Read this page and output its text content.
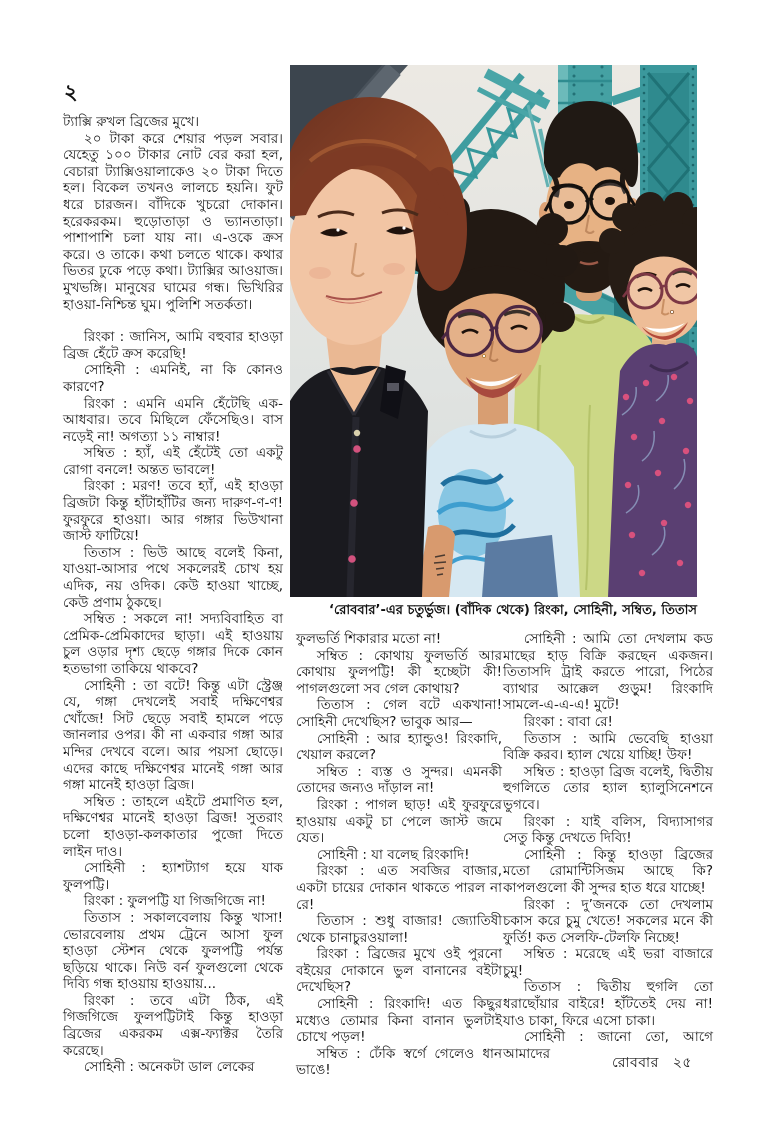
২
‘রোববার’-এর চতুর্ভুজ। (বাঁদিক থেকে) রিংকা, সোহিনী, সম্বিত, তিতাস

ট্যাক্সি রুখল ব্রিজের মুখে।

২০ টাকা করে শেয়ার পড়ল সবার। যেহেতু ১০০ টাকার নোট বের করা হল, বেচারা ট্যাক্সিওয়ালাকেও ২০ টাকা দিতে হল। বিকেল তখনও লালচে হয়নি। ফুট ধরে চারজন। বাঁদিকে খুচরো দোকান। হরেকরকম। হুড়োতাড়া ও ভ্যানতাড়া। পাশাপাশি চলা যায় না। এ-ওকে ক্রস করে। ও তাকে। কথা চলতে থাকে। কথার ভিতর ঢুকে পড়ে কথা। ট্যাক্সির আওয়াজ। মুখভঙ্গি। মানুষের ঘামের গন্ধ। ভিখিরির হাওয়া-নিশ্চিন্ত ঘুম। পুলিশি সতর্কতা।

রিংকা : জানিস, আমি বহুবার হাওড়া ব্রিজ হেঁটে ক্রস করেছি!

সোহিনী : এমনিই, না কি কোনও কারণে?

রিংকা : এমনি এমনি হেঁটেছি এক-আধবার। তবে মিছিলে ফেঁসেছিও। বাস নড়েই না! অগত্যা ১১ নাম্বার!

সম্বিত : হ্যাঁ, এই হেঁটেই তো একটু রোগা বনলে! অন্তত ভাবলে!

রিংকা : মরণ! তবে হ্যাঁ, এই হাওড়া ব্রিজটা কিন্তু হাঁটাহাঁটির জন্য দারুণ-ণ-ণ! ফুরফুরে হাওয়া। আর গঙ্গার ভিউখানা জাস্ট ফাটিয়ে!

তিতাস : ভিউ আছে বলেই কিনা, যাওয়া-আসার পথে সকলেরই চোখ হয় এদিক, নয় ওদিক। কেউ হাওয়া খাচ্ছে, কেউ প্রণাম ঠুকছে।

সম্বিত : সকলে না! সদ্যবিবাহিত বা প্রেমিক-প্রেমিকাদের ছাড়া। এই হাওয়ায় চুল ওড়ার দৃশ্য ছেড়ে গঙ্গার দিকে কোন হতভাগা তাকিয়ে থাকবে?

সোহিনী : তা বটে! কিন্তু এটা স্ট্রেঞ্জ যে, গঙ্গা দেখলেই সবাই দক্ষিণেশ্বর খোঁজে! সিট ছেড়ে সবাই হামলে পড়ে জানলার ওপর। কী না একবার গঙ্গা আর মন্দির দেখবে বলে। আর পয়সা ছোড়ে। এদের কাছে দক্ষিণেশ্বর মানেই গঙ্গা আর গঙ্গা মানেই হাওড়া ব্রিজ।

সম্বিত : তাহলে এইটে প্রমাণিত হল, দক্ষিণেশ্বর মানেই হাওড়া ব্রিজ! সুতরাং চলো হাওড়া-কলকাতার পুজো দিতে লাইন দাও।

সোহিনী : হ্যাশট্যাগ হয়ে যাক ফুলপট্টি।

রিংকা : ফুলপট্টি যা গিজগিজে না!

তিতাস : সকালবেলায় কিন্তু খাসা! ভোরবেলায় প্রথম ট্রেনে আসা ফুল হাওড়া স্টেশন থেকে ফুলপট্টি পর্যন্ত ছড়িয়ে থাকে। নিউ বর্ন ফুলগুলো থেকে দিব্যি গন্ধ হাওয়ায় হাওয়ায়...

রিংকা : তবে এটা ঠিক, এই গিজগিজে ফুলপট্টিটাই কিন্তু হাওড়া ব্রিজের একরকম এক্স-ফ্যাক্টর তৈরি করেছে।

সোহিনী : অনেকটা ডাল লেকের

ফুলভর্তি শিকারার মতো না!

সম্বিত : কোথায় ফুলভর্তি আর কোথায় ফুলপট্টি! কী হচ্ছেটা কী! পাগলগুলো সব গেল কোথায়?

তিতাস : গেল বটে একখানা! সোহিনী দেখেছিস? ভাবুক আর—

সোহিনী : আর হ্যান্ডুও! রিংকাদি, খেয়াল করলে?

সম্বিত : ব্যস্ত ও সুন্দর। এমনকী তোদের জন্যও দাঁড়াল না!

রিংকা : পাগল ছাড়! এই ফুরফুরে হাওয়ায় একটু চা পেলে জাস্ট জমে যেত।

সোহিনী : যা বলেছ রিংকাদি!

রিংকা : এত সবজির বাজার, একটা চায়ের দোকান থাকতে পারল না রে!

তিতাস : শুধু বাজার! জ্যোতিষী থেকে চানাচুরওয়ালা!

রিংকা : ব্রিজের মুখে ওই পুরনো বইয়ের দোকানে ভুল বানানের বইটা দেখেছিস?

সোহিনী : রিংকাদি! এত কিছুর মধ্যেও তোমার কিনা বানান ভুলটাই চোখে পড়ল!

সম্বিত : ঢেঁকি স্বর্গে গেলেও ধান ভাঙে!

সোহিনী : আমি তো দেখলাম কড মাছের হাড় বিক্রি করছেন একজন। তিতাসদি ট্রাই করতে পারো, পিঠের ব্যাথার আক্কেল গুড়ুম! রিংকাদি সামলে-এ-এ-এ! মুটে!

রিংকা : বাবা রে!

তিতাস : আমি ভেবেছি হাওয়া বিক্রি করব। হ্যাল খেয়ে যাচ্ছি! উফ!

সম্বিত : হাওড়া ব্রিজ বলেই, দ্বিতীয় হুগলিতে তোর হ্যাল হ্যালুসিনেশনে ভুগবে।

রিংকা : যাই বলিস, বিদ্যাসাগর সেতু কিন্তু দেখতে দিব্যি!

সোহিনী : কিন্তু হাওড়া ব্রিজের মতো রোমান্টিসিজম আছে কি? কাপলগুলো কী সুন্দর হাত ধরে যাচ্ছে!

রিংকা : দু’জনকে তো দেখলাম চকাস করে চুমু খেতে! সকলের মনে কী ফুর্তি! কত সেলফি-টেলফি নিচ্ছে!

সম্বিত : মরেছে এই ভরা বাজারে চুমু!

তিতাস : দ্বিতীয় হুগলি তো ধরাছোঁয়ার বাইরে! হাঁটতেই দেয় না! যাও চাকা, ফিরে এসো চাকা।

সোহিনী : জানো তো, আগে আমাদের

রোববার ২৫
